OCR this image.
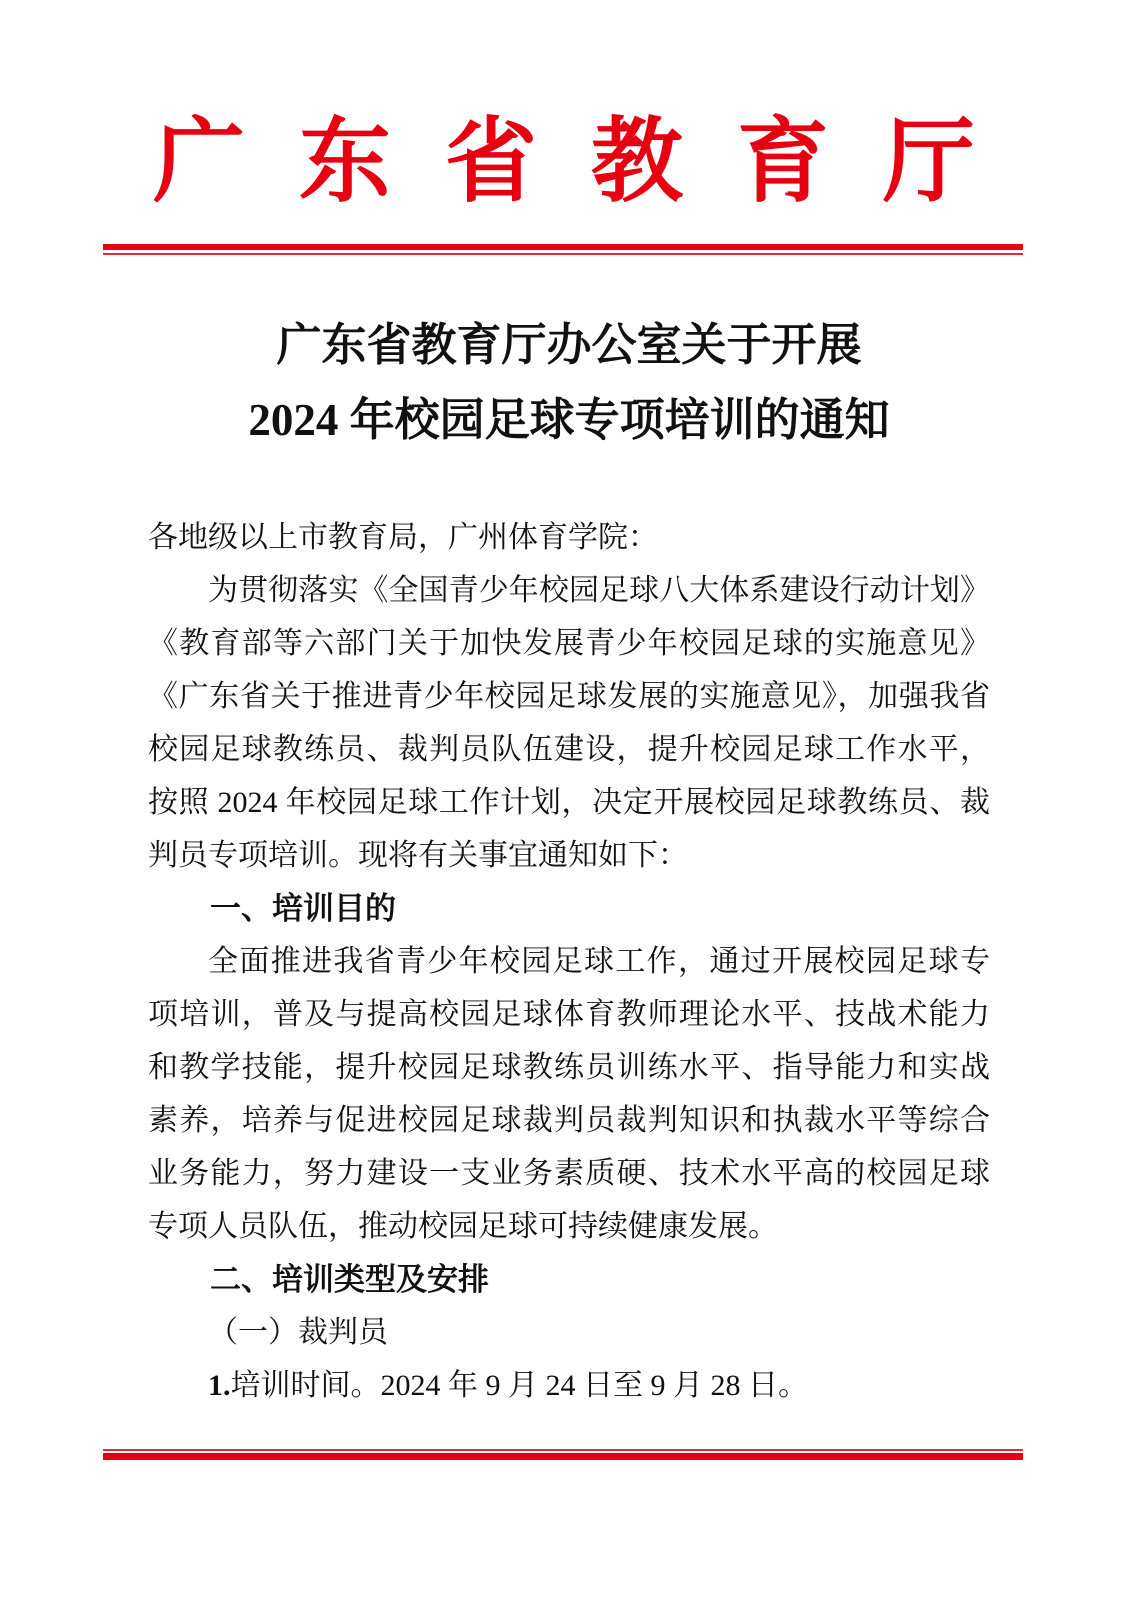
广 东 省 教 育 厅
广东省教育厅办公室关于开展
2024 年校园足球专项培训的通知
各地级以上市教育局，广州体育学院：
为贯彻落实《全国青少年校园足球八大体系建设行动计划》
《教育部等六部门关于加快发展青少年校园足球的实施意见》
《广东省关于推进青少年校园足球发展的实施意见》，加强我省
校园足球教练员、裁判员队伍建设，提升校园足球工作水平，
按照 2024 年校园足球工作计划，决定开展校园足球教练员、裁
判员专项培训。现将有关事宜通知如下：
一、培训目的
全面推进我省青少年校园足球工作，通过开展校园足球专
项培训，普及与提高校园足球体育教师理论水平、技战术能力
和教学技能，提升校园足球教练员训练水平、指导能力和实战
素养，培养与促进校园足球裁判员裁判知识和执裁水平等综合
业务能力，努力建设一支业务素质硬、技术水平高的校园足球
专项人员队伍，推动校园足球可持续健康发展。
二、培训类型及安排
（一）裁判员
1.培训时间。2024 年 9 月 24 日至 9 月 28 日。
